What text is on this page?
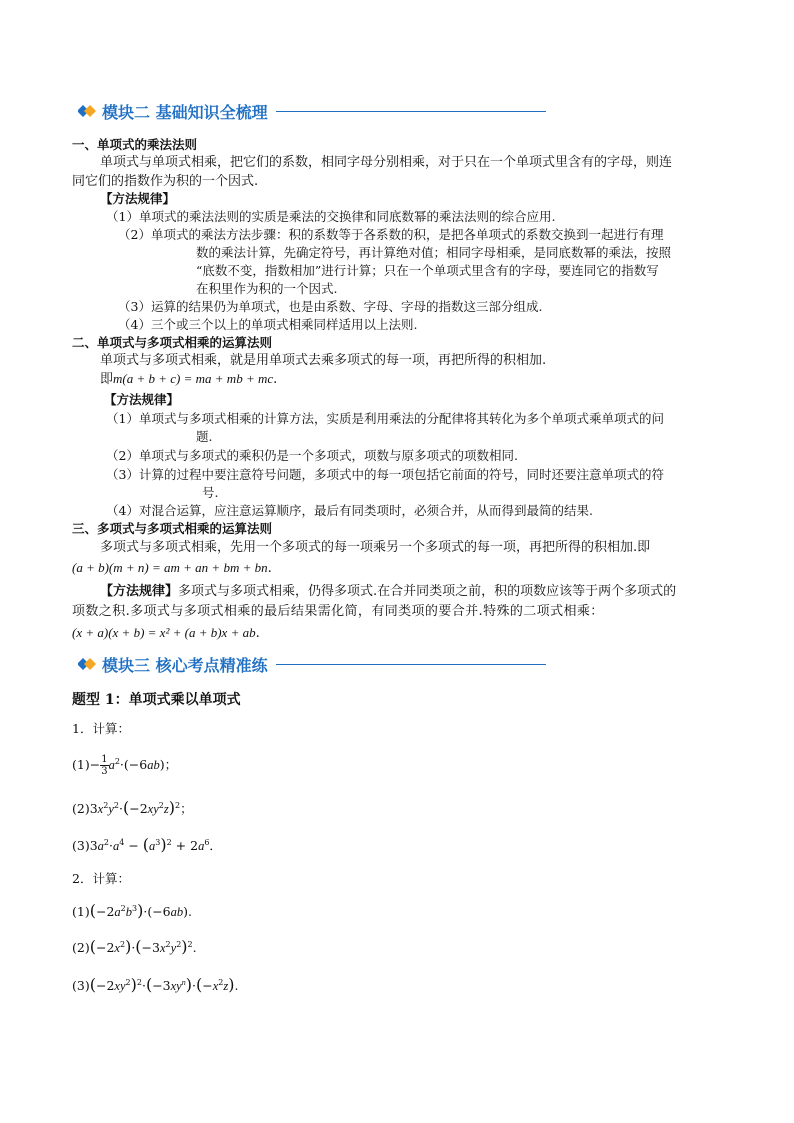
模块二 基础知识全梳理
一、单项式的乘法法则
单项式与单项式相乘，把它们的系数，相同字母分别相乘，对于只在一个单项式里含有的字母，则连
同它们的指数作为积的一个因式.
【方法规律】
（1）单项式的乘法法则的实质是乘法的交换律和同底数幂的乘法法则的综合应用.
（2）单项式的乘法方法步骤：积的系数等于各系数的积，是把各单项式的系数交换到一起进行有理
数的乘法计算，先确定符号，再计算绝对值；相同字母相乘，是同底数幂的乘法，按照
“底数不变，指数相加”进行计算；只在一个单项式里含有的字母，要连同它的指数写
在积里作为积的一个因式.
（3）运算的结果仍为单项式，也是由系数、字母、字母的指数这三部分组成.
（4）三个或三个以上的单项式相乘同样适用以上法则.
二、单项式与多项式相乘的运算法则
单项式与多项式相乘，就是用单项式去乘多项式的每一项，再把所得的积相加.
即m(a + b + c) = ma + mb + mc.
【方法规律】
（1）单项式与多项式相乘的计算方法，实质是利用乘法的分配律将其转化为多个单项式乘单项式的问
题.
（2）单项式与多项式的乘积仍是一个多项式，项数与原多项式的项数相同.
（3）计算的过程中要注意符号问题，多项式中的每一项包括它前面的符号，同时还要注意单项式的符
号.
（4）对混合运算，应注意运算顺序，最后有同类项时，必须合并，从而得到最简的结果.
三、多项式与多项式相乘的运算法则
多项式与多项式相乘，先用一个多项式的每一项乘另一个多项式的每一项，再把所得的积相加.即
(a + b)(m + n) = am + an + bm + bn.
【方法规律】多项式与多项式相乘，仍得多项式.在合并同类项之前，积的项数应该等于两个多项式的
项数之积.多项式与多项式相乘的最后结果需化简，有同类项的要合并.特殊的二项式相乘：
(x + a)(x + b) = x² + (a + b)x + ab.
模块三 核心考点精准练
题型 1：单项式乘以单项式
1．计算：
$(1)- \frac{1}{3} a^2\cdot(-6ab)$；
$(2)3x^2y^2\cdot(-2xy^2z)^2$；
$(3)3a^2\cdot a^4 - (a^3)^2 + 2a^6$．
2．计算：
$(1)(-2a^2b^3)\cdot(-6ab)$.
$(2)(-2x^2)\cdot(-3x^2y^2)^2$.
$(3)(-2xy^2)^2\cdot(-3xy^n)\cdot(-x^2z)$.
